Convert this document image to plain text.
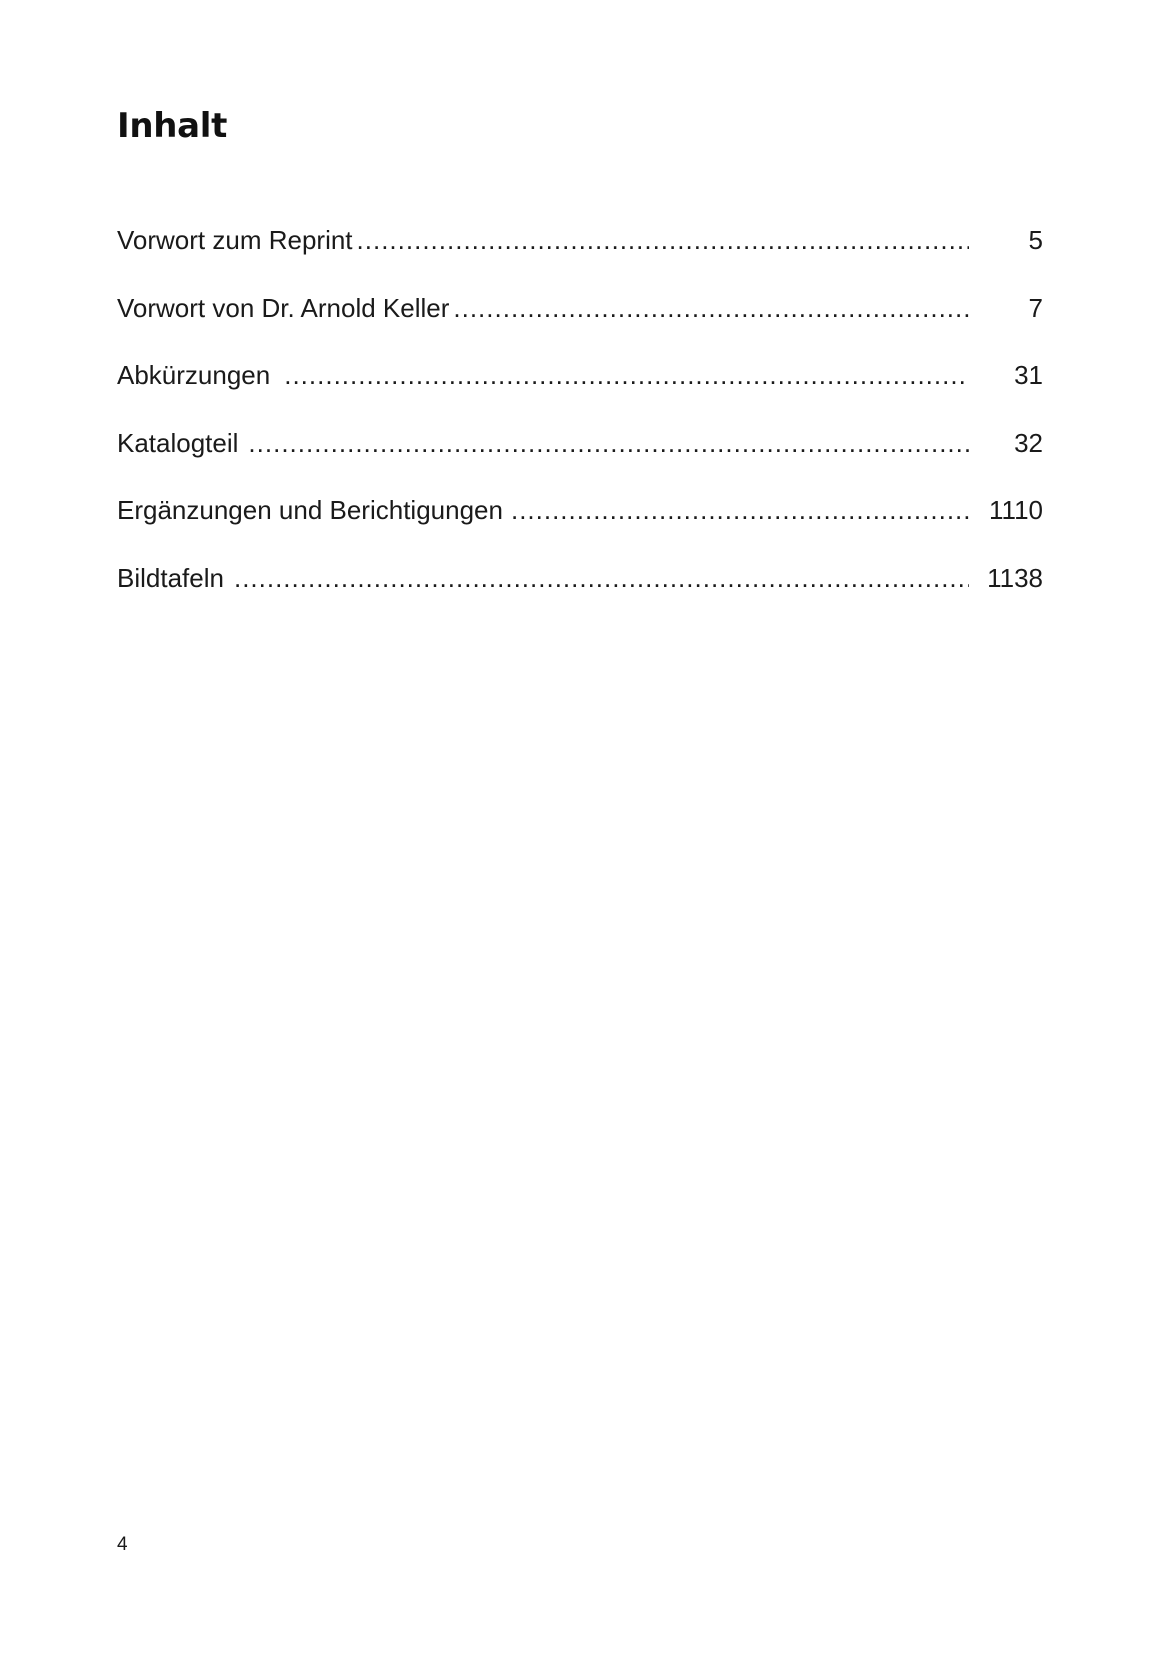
Inhalt
Vorwort zum Reprint .....	5
Vorwort von Dr. Arnold Keller .....	7
Abkürzungen .....	31
Katalogteil .....	32
Ergänzungen und Berichtigungen .....	1110
Bildtafeln .....	1138
4
